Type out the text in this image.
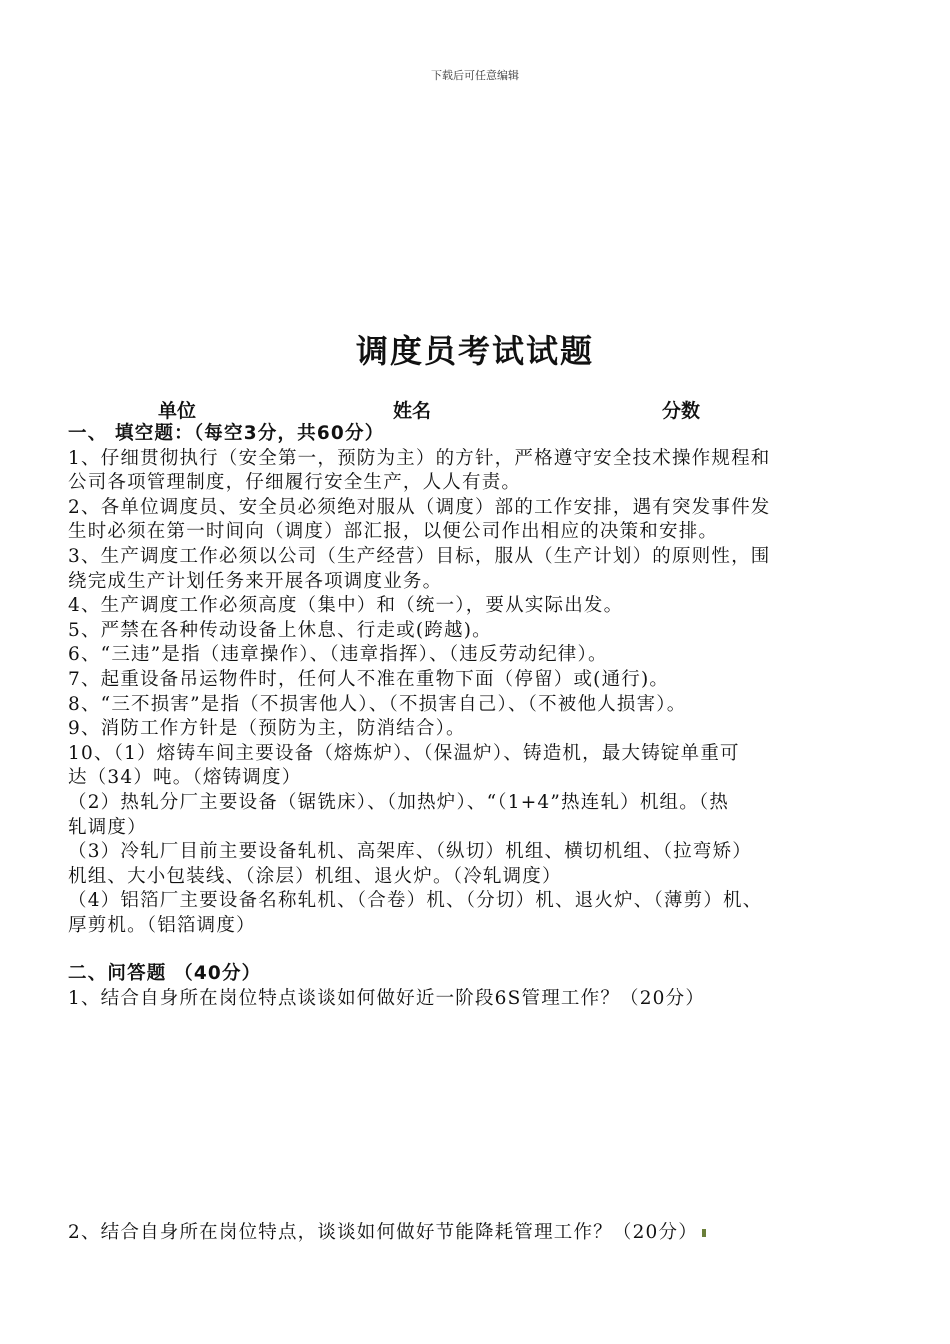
下载后可任意编辑
调度员考试试题
单位	姓名	分数

一、 填空题：（每空3分，共60分）

1、仔细贯彻执行（安全第一，预防为主）的方针，严格遵守安全技术操作规程和

公司各项管理制度，仔细履行安全生产，人人有责。

2、各单位调度员、安全员必须绝对服从（调度）部的工作安排，遇有突发事件发

生时必须在第一时间向（调度）部汇报，以便公司作出相应的决策和安排。

3、生产调度工作必须以公司（生产经营）目标，服从（生产计划）的原则性，围

绕完成生产计划任务来开展各项调度业务。

4、生产调度工作必须高度（集中）和（统一），要从实际出发。

5、严禁在各种传动设备上休息、行走或(跨越)。

6、“三违”是指（违章操作）、（违章指挥）、（违反劳动纪律）。

7、起重设备吊运物件时，任何人不准在重物下面（停留）或(通行)。

8、“三不损害”是指（不损害他人）、（不损害自己）、（不被他人损害）。

9、消防工作方针是（预防为主，防消结合）。

10、（1）熔铸车间主要设备（熔炼炉）、（保温炉）、铸造机，最大铸锭单重可

达（34）吨。（熔铸调度）

（2）热轧分厂主要设备（锯铣床）、（加热炉）、“（1+4”热连轧）机组。（热

轧调度）

（3）冷轧厂目前主要设备轧机、高架库、（纵切）机组、横切机组、（拉弯矫）

机组、大小包装线、（涂层）机组、退火炉。（冷轧调度）

（4）铝箔厂主要设备名称轧机、（合卷）机、（分切）机、退火炉、（薄剪）机、

厚剪机。（铝箔调度）

二、问答题 （40分）

1、结合自身所在岗位特点谈谈如何做好近一阶段6S管理工作？（20分）

2、结合自身所在岗位特点，谈谈如何做好节能降耗管理工作？（20分）
